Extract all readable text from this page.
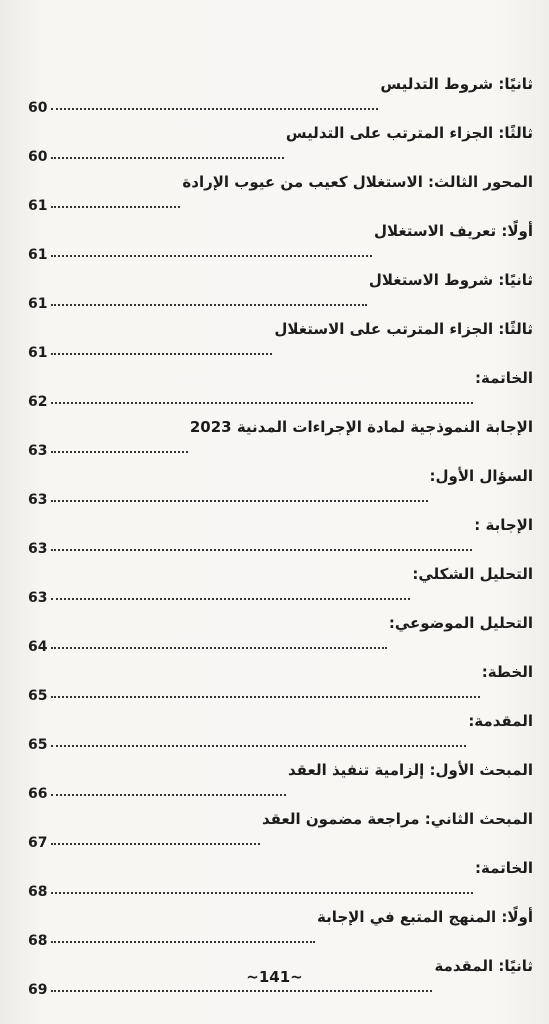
ثانيًا: شروط التدليس
60
ثالثًا: الجزاء المترتب على التدليس
60
المحور الثالث: الاستغلال كعيب من عيوب الإرادة
61
أولًا: تعريف الاستغلال
61
ثانيًا: شروط الاستغلال
61
ثالثًا: الجزاء المترتب على الاستغلال
61
الخاتمة:
62
الإجابة النموذجية لمادة الإجراءات المدنية 2023
63
السؤال الأول:
63
الإجابة :
63
التحليل الشكلي:
63
التحليل الموضوعي:
64
الخطة:
65
المقدمة:
65
المبحث الأول: إلزامية تنفيذ العقد
66
المبحث الثاني: مراجعة مضمون العقد
67
الخاتمة:
68
أولًا: المنهج المتبع في الإجابة
68
ثانيًا: المقدمة
69
~141~
